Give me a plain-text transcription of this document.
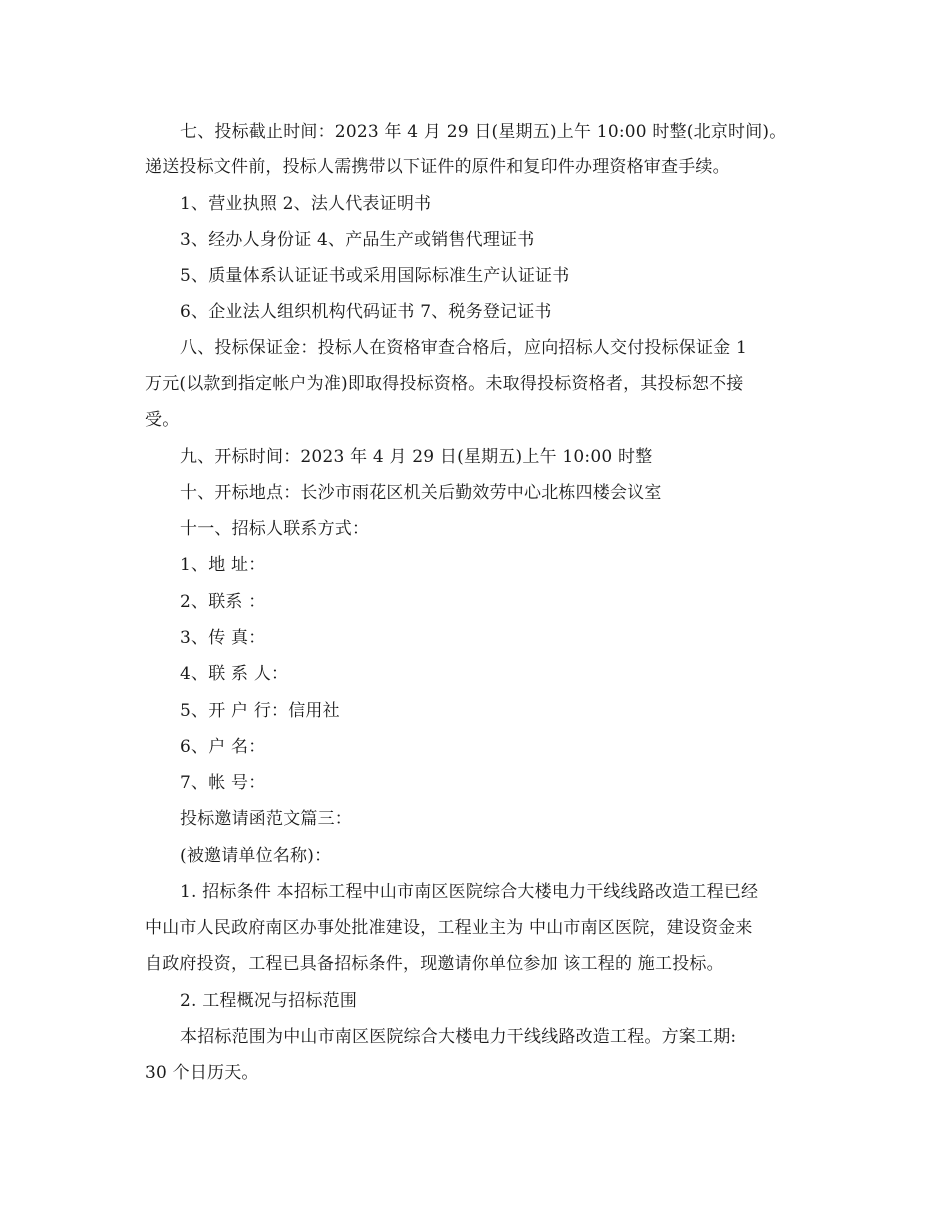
七、投标截止时间：2023 年 4 月 29 日(星期五)上午 10:00 时整(北京时间)。
递送投标文件前，投标人需携带以下证件的原件和复印件办理资格审查手续。
1、营业执照 2、法人代表证明书
3、经办人身份证 4、产品生产或销售代理证书
5、质量体系认证证书或采用国际标准生产认证证书
6、企业法人组织机构代码证书 7、税务登记证书
八、投标保证金：投标人在资格审查合格后，应向招标人交付投标保证金 1
万元(以款到指定帐户为准)即取得投标资格。未取得投标资格者，其投标恕不接
受。
九、开标时间：2023 年 4 月 29 日(星期五)上午 10:00 时整
十、开标地点：长沙市雨花区机关后勤效劳中心北栋四楼会议室
十一、招标人联系方式：
1、地 址：
2、联系 ：
3、传 真：
4、联 系 人：
5、开 户 行：信用社
6、户 名：
7、帐 号：
投标邀请函范文篇三：
(被邀请单位名称)：
1. 招标条件 本招标工程中山市南区医院综合大楼电力干线线路改造工程已经
中山市人民政府南区办事处批准建设，工程业主为 中山市南区医院，建设资金来
自政府投资，工程已具备招标条件，现邀请你单位参加 该工程的 施工投标。
2. 工程概况与招标范围
本招标范围为中山市南区医院综合大楼电力干线线路改造工程。方案工期:
30 个日历天。
